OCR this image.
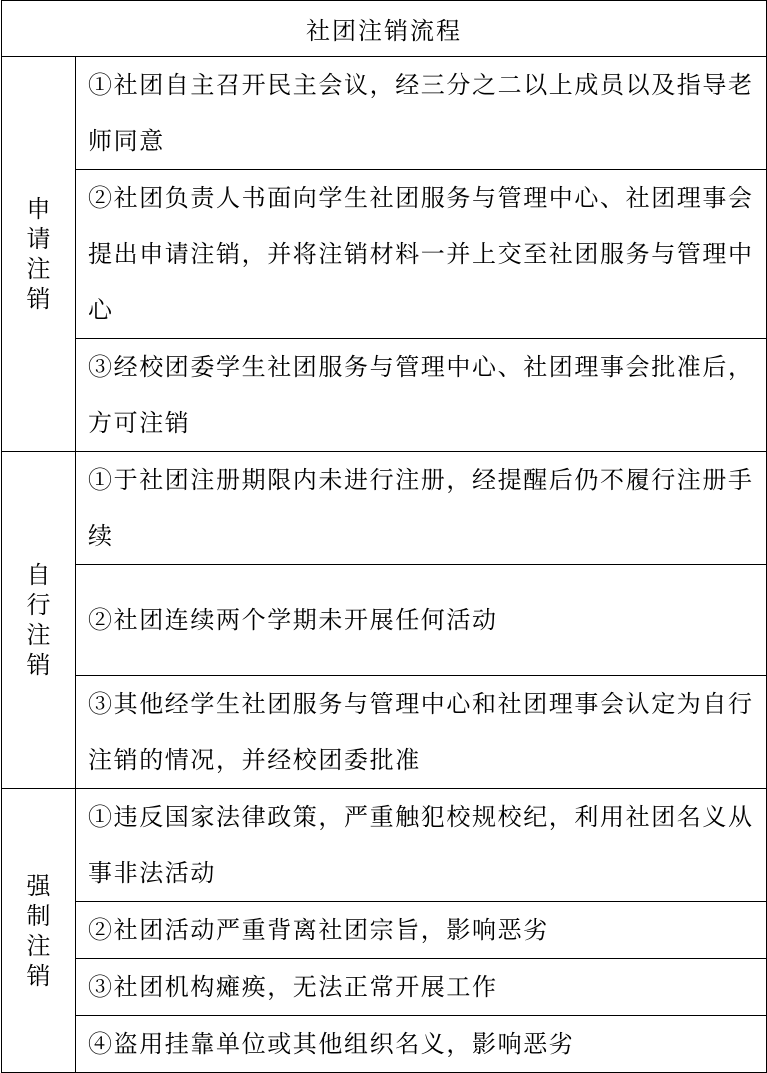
社团注销流程	
申请注销	①社团自主召开民主会议，经三分之二以上成员以及指导老师同意
	②社团负责人书面向学生社团服务与管理中心、社团理事会提出申请注销，并将注销材料一并上交至社团服务与管理中心
	③经校团委学生社团服务与管理中心、社团理事会批准后，方可注销
自行注销	①于社团注册期限内未进行注册，经提醒后仍不履行注册手续
	②社团连续两个学期未开展任何活动
	③其他经学生社团服务与管理中心和社团理事会认定为自行注销的情况，并经校团委批准
强制注销	①违反国家法律政策，严重触犯校规校纪，利用社团名义从事非法活动
	②社团活动严重背离社团宗旨，影响恶劣
	③社团机构瘫痪，无法正常开展工作
	④盗用挂靠单位或其他组织名义，影响恶劣
